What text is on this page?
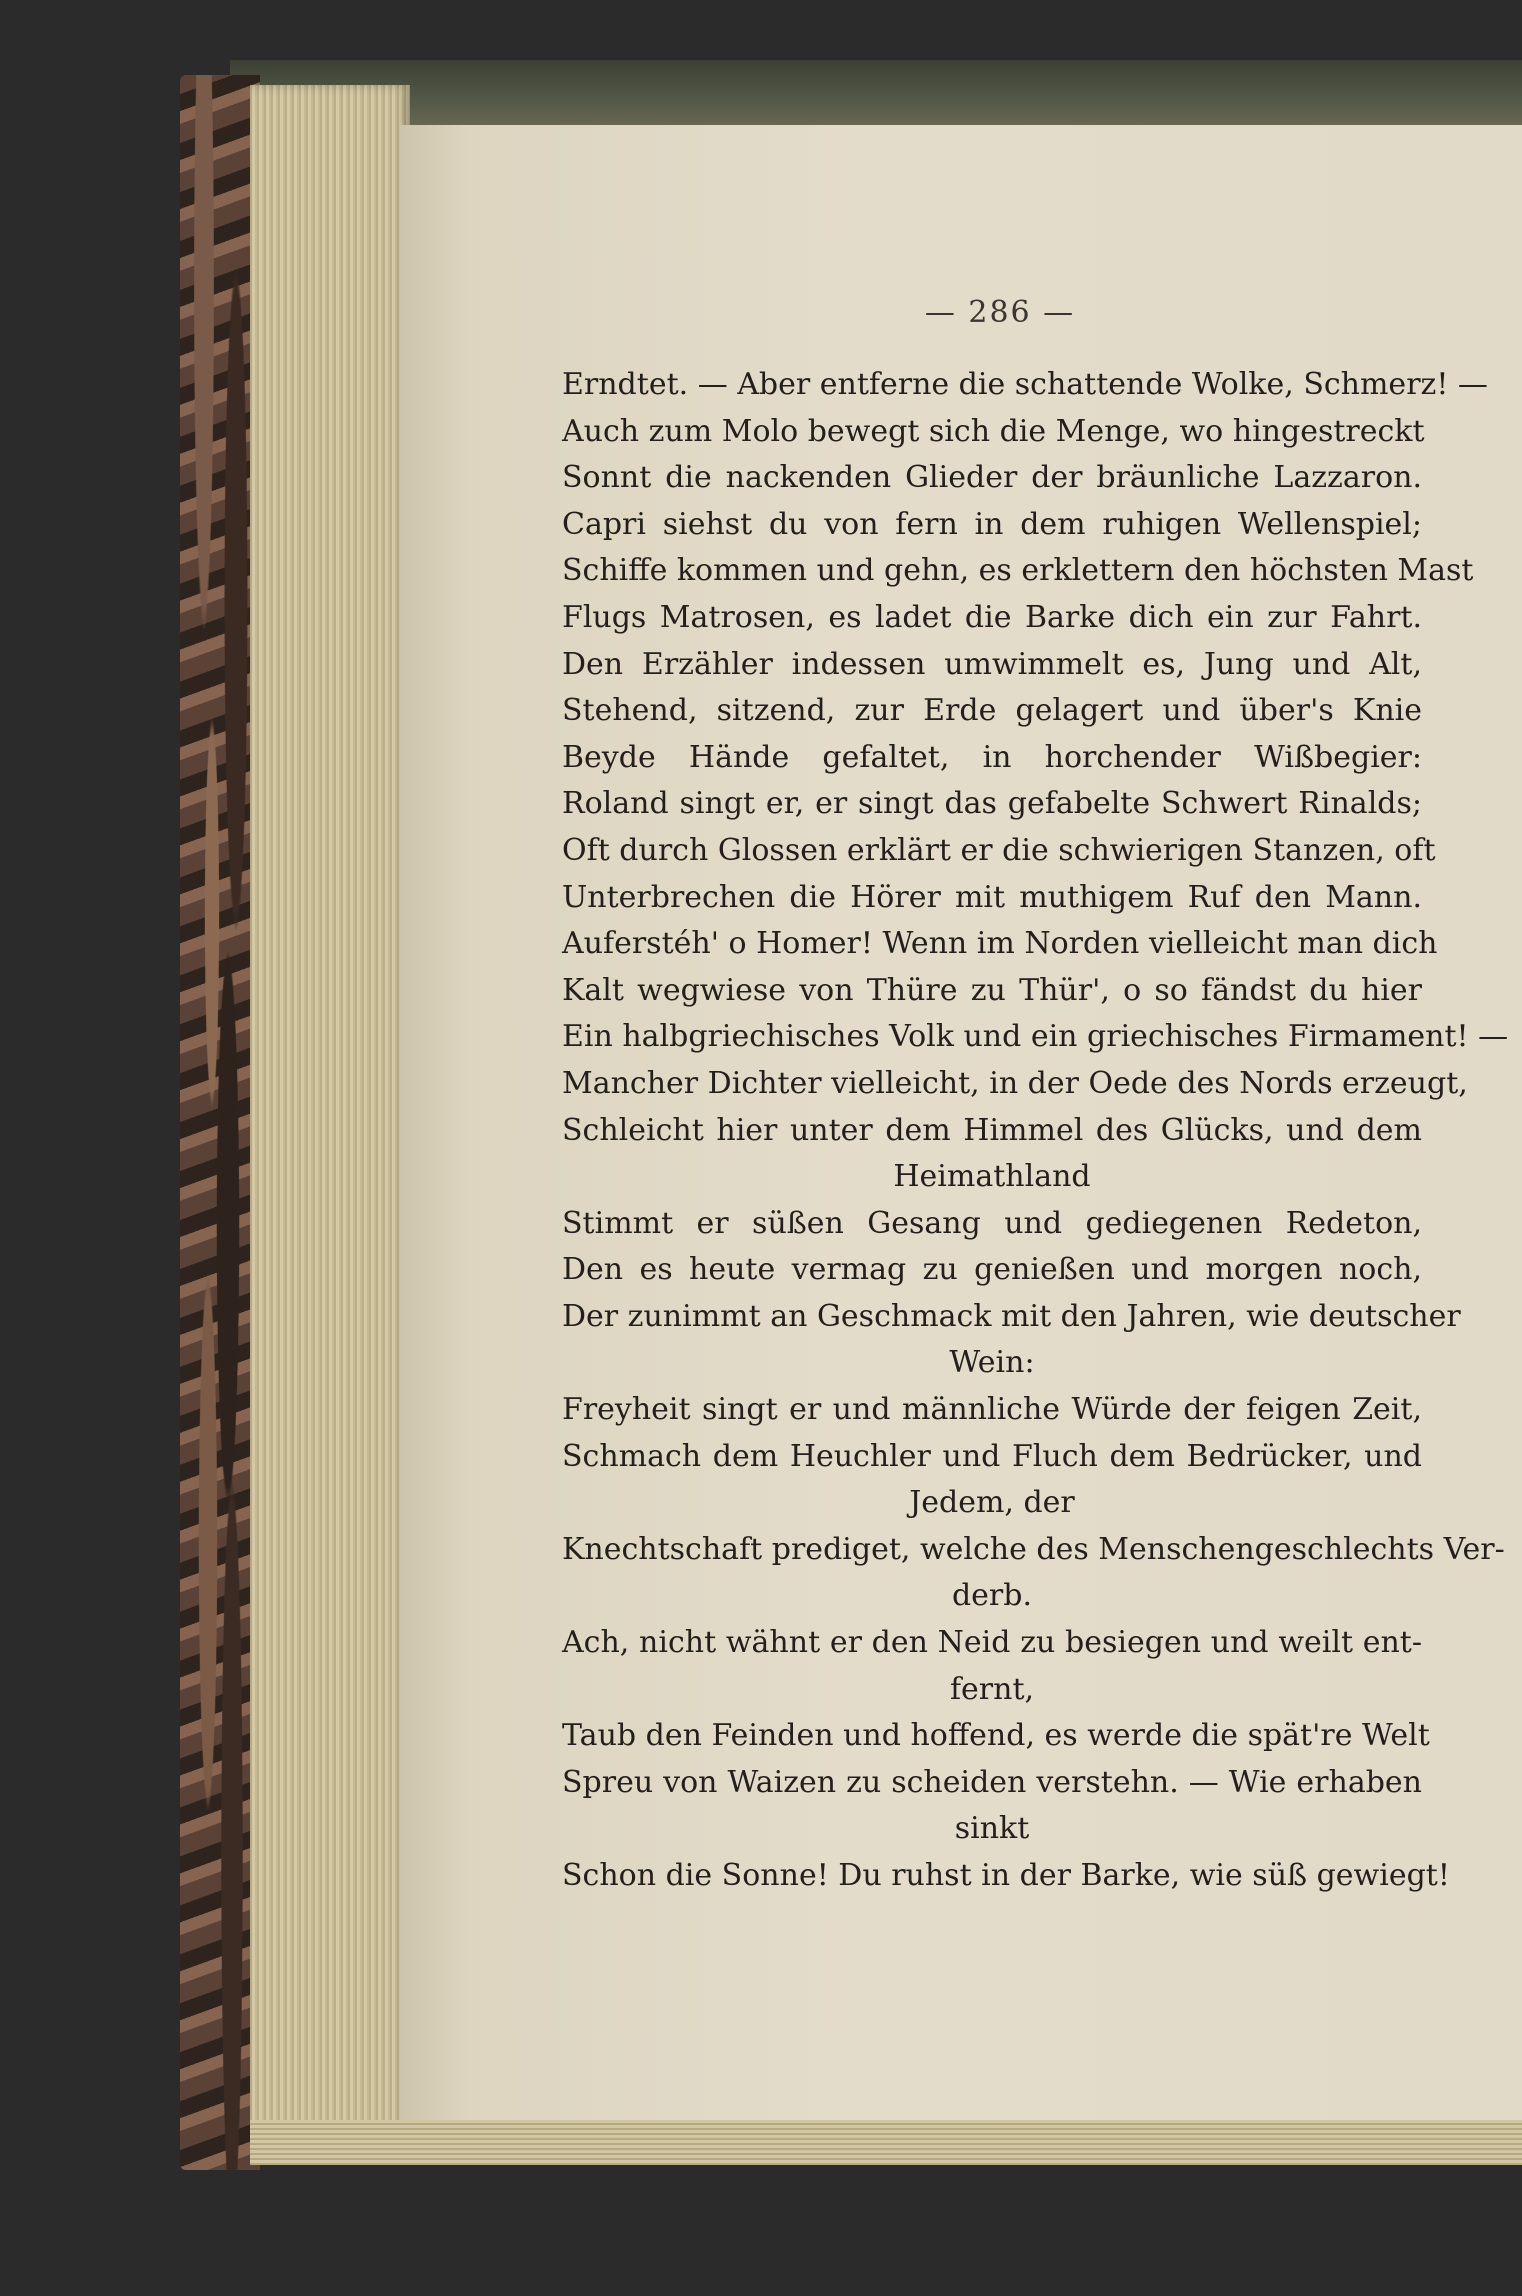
— 286 —
Erndtet. — Aber entferne die schattende Wolke, Schmerz! —
Auch zum Molo bewegt sich die Menge, wo hingestreckt
Sonnt die nackenden Glieder der bräunliche Lazzaron.
Capri siehst du von fern in dem ruhigen Wellenspiel;
Schiffe kommen und gehn, es erklettern den höchsten Mast
Flugs Matrosen, es ladet die Barke dich ein zur Fahrt.
Den Erzähler indessen umwimmelt es, Jung und Alt,
Stehend, sitzend, zur Erde gelagert und über's Knie
Beyde Hände gefaltet, in horchender Wißbegier:
Roland singt er, er singt das gefabelte Schwert Rinalds;
Oft durch Glossen erklärt er die schwierigen Stanzen, oft
Unterbrechen die Hörer mit muthigem Ruf den Mann.
Auferstéh' o Homer! Wenn im Norden vielleicht man dich
Kalt wegwiese von Thüre zu Thür', o so fändst du hier
Ein halbgriechisches Volk und ein griechisches Firmament! —
Mancher Dichter vielleicht, in der Oede des Nords erzeugt,
Schleicht hier unter dem Himmel des Glücks, und dem
Heimathland
Stimmt er süßen Gesang und gediegenen Redeton,
Den es heute vermag zu genießen und morgen noch,
Der zunimmt an Geschmack mit den Jahren, wie deutscher
Wein:
Freyheit singt er und männliche Würde der feigen Zeit,
Schmach dem Heuchler und Fluch dem Bedrücker, und
Jedem, der
Knechtschaft prediget, welche des Menschengeschlechts Ver-
derb.
Ach, nicht wähnt er den Neid zu besiegen und weilt ent-
fernt,
Taub den Feinden und hoffend, es werde die spät're Welt
Spreu von Waizen zu scheiden verstehn. — Wie erhaben
sinkt
Schon die Sonne! Du ruhst in der Barke, wie süß gewiegt!
